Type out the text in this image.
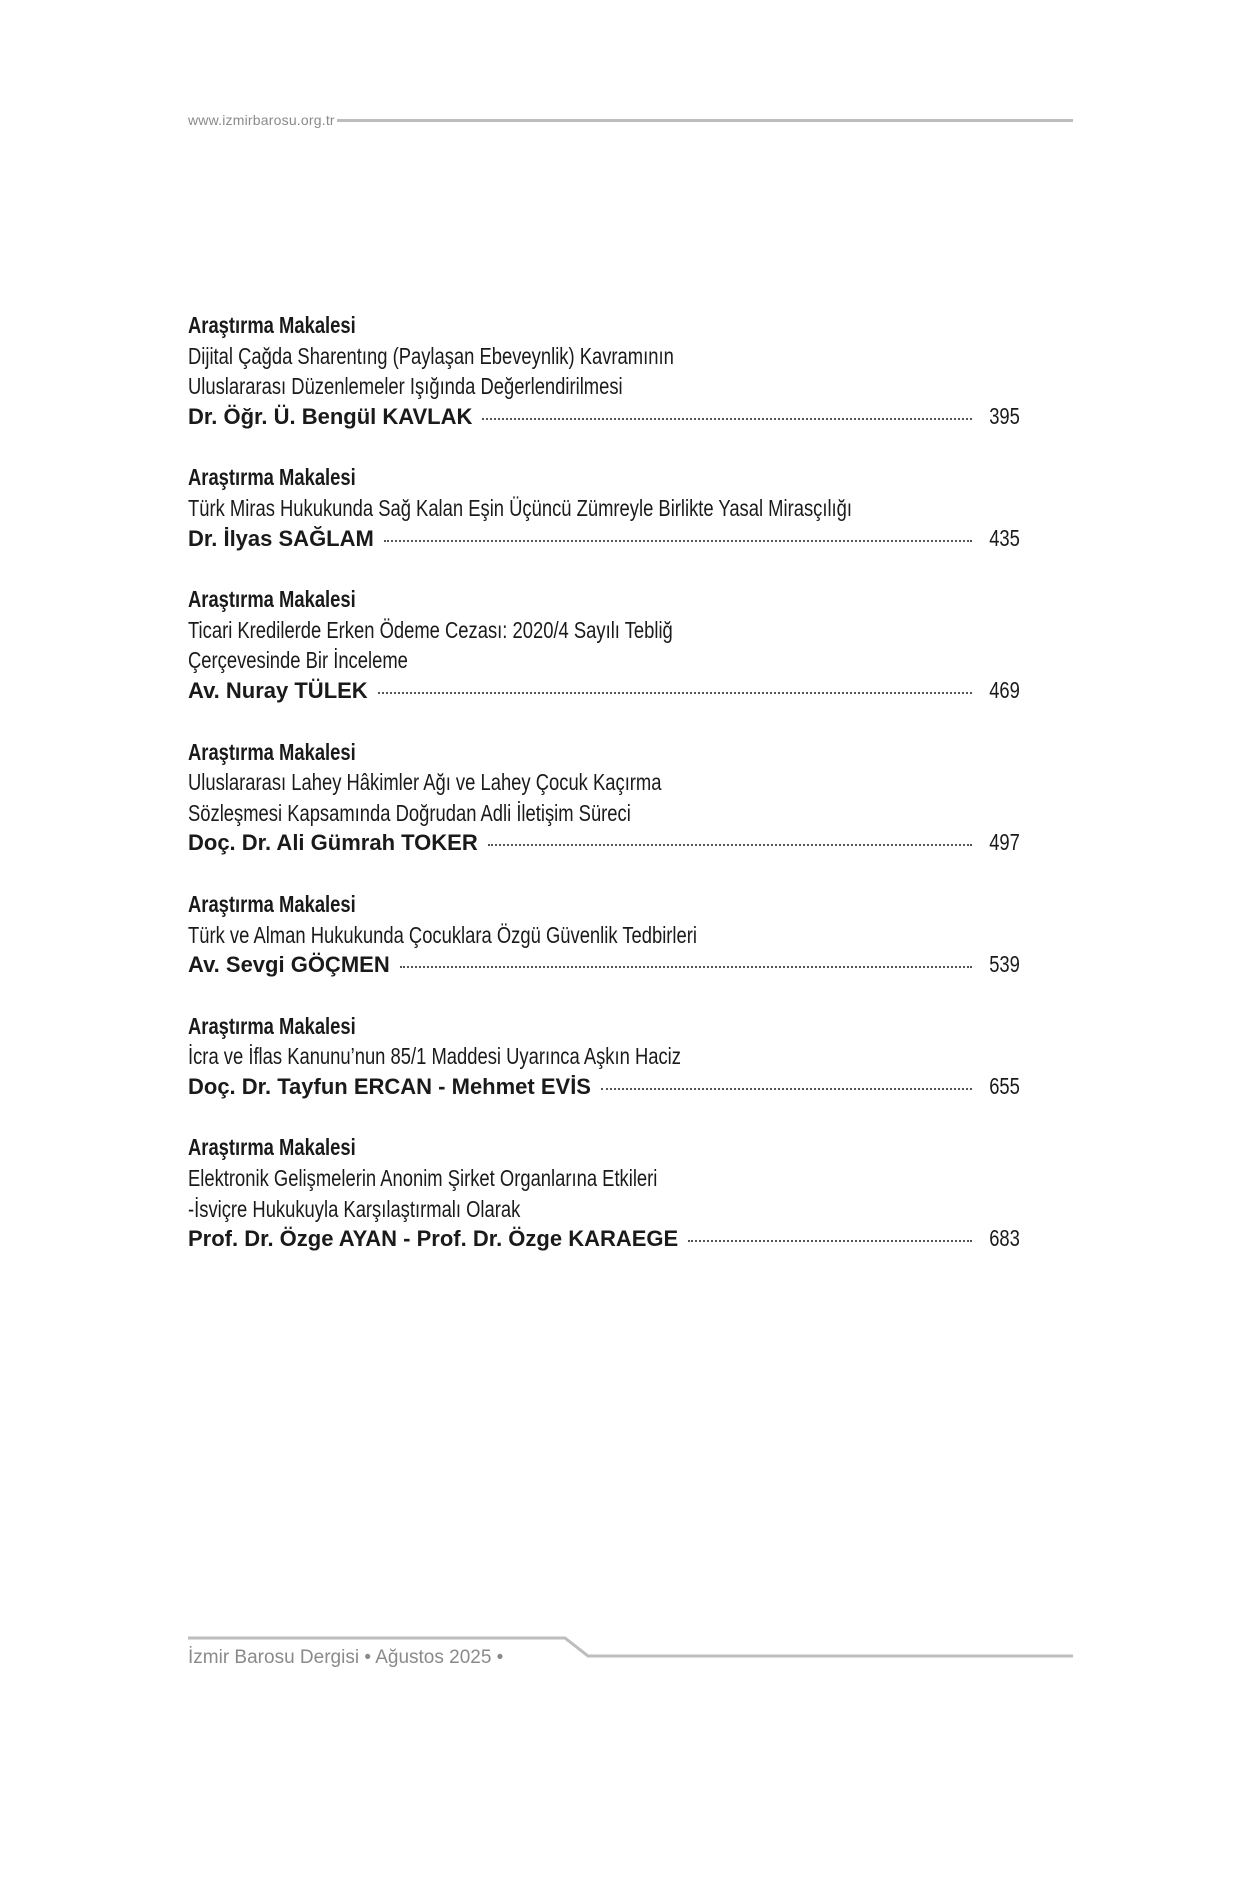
www.izmirbarosu.org.tr
Araştırma Makalesi
Dijital Çağda Sharentıng (Paylaşan Ebeveynlik) Kavramının
Uluslararası Düzenlemeler Işığında Değerlendirilmesi
Dr. Öğr. Ü. Bengül KAVLAK	395
Araştırma Makalesi
Türk Miras Hukukunda Sağ Kalan Eşin Üçüncü Zümreyle Birlikte Yasal Mirasçılığı
Dr. İlyas SAĞLAM	435
Araştırma Makalesi
Ticari Kredilerde Erken Ödeme Cezası: 2020/4 Sayılı Tebliğ
Çerçevesinde Bir İnceleme
Av. Nuray TÜLEK	469
Araştırma Makalesi
Uluslararası Lahey Hâkimler Ağı ve Lahey Çocuk Kaçırma
Sözleşmesi Kapsamında Doğrudan Adli İletişim Süreci
Doç. Dr. Ali Gümrah TOKER	497
Araştırma Makalesi
Türk ve Alman Hukukunda Çocuklara Özgü Güvenlik Tedbirleri
Av. Sevgi GÖÇMEN	539
Araştırma Makalesi
İcra ve İflas Kanunu’nun 85/1 Maddesi Uyarınca Aşkın Haciz
Doç. Dr. Tayfun ERCAN - Mehmet EVİS	655
Araştırma Makalesi
Elektronik Gelişmelerin Anonim Şirket Organlarına Etkileri
-İsviçre Hukukuyla Karşılaştırmalı Olarak
Prof. Dr. Özge AYAN - Prof. Dr. Özge KARAEGE	683
İzmir Barosu Dergisi • Ağustos 2025 •
